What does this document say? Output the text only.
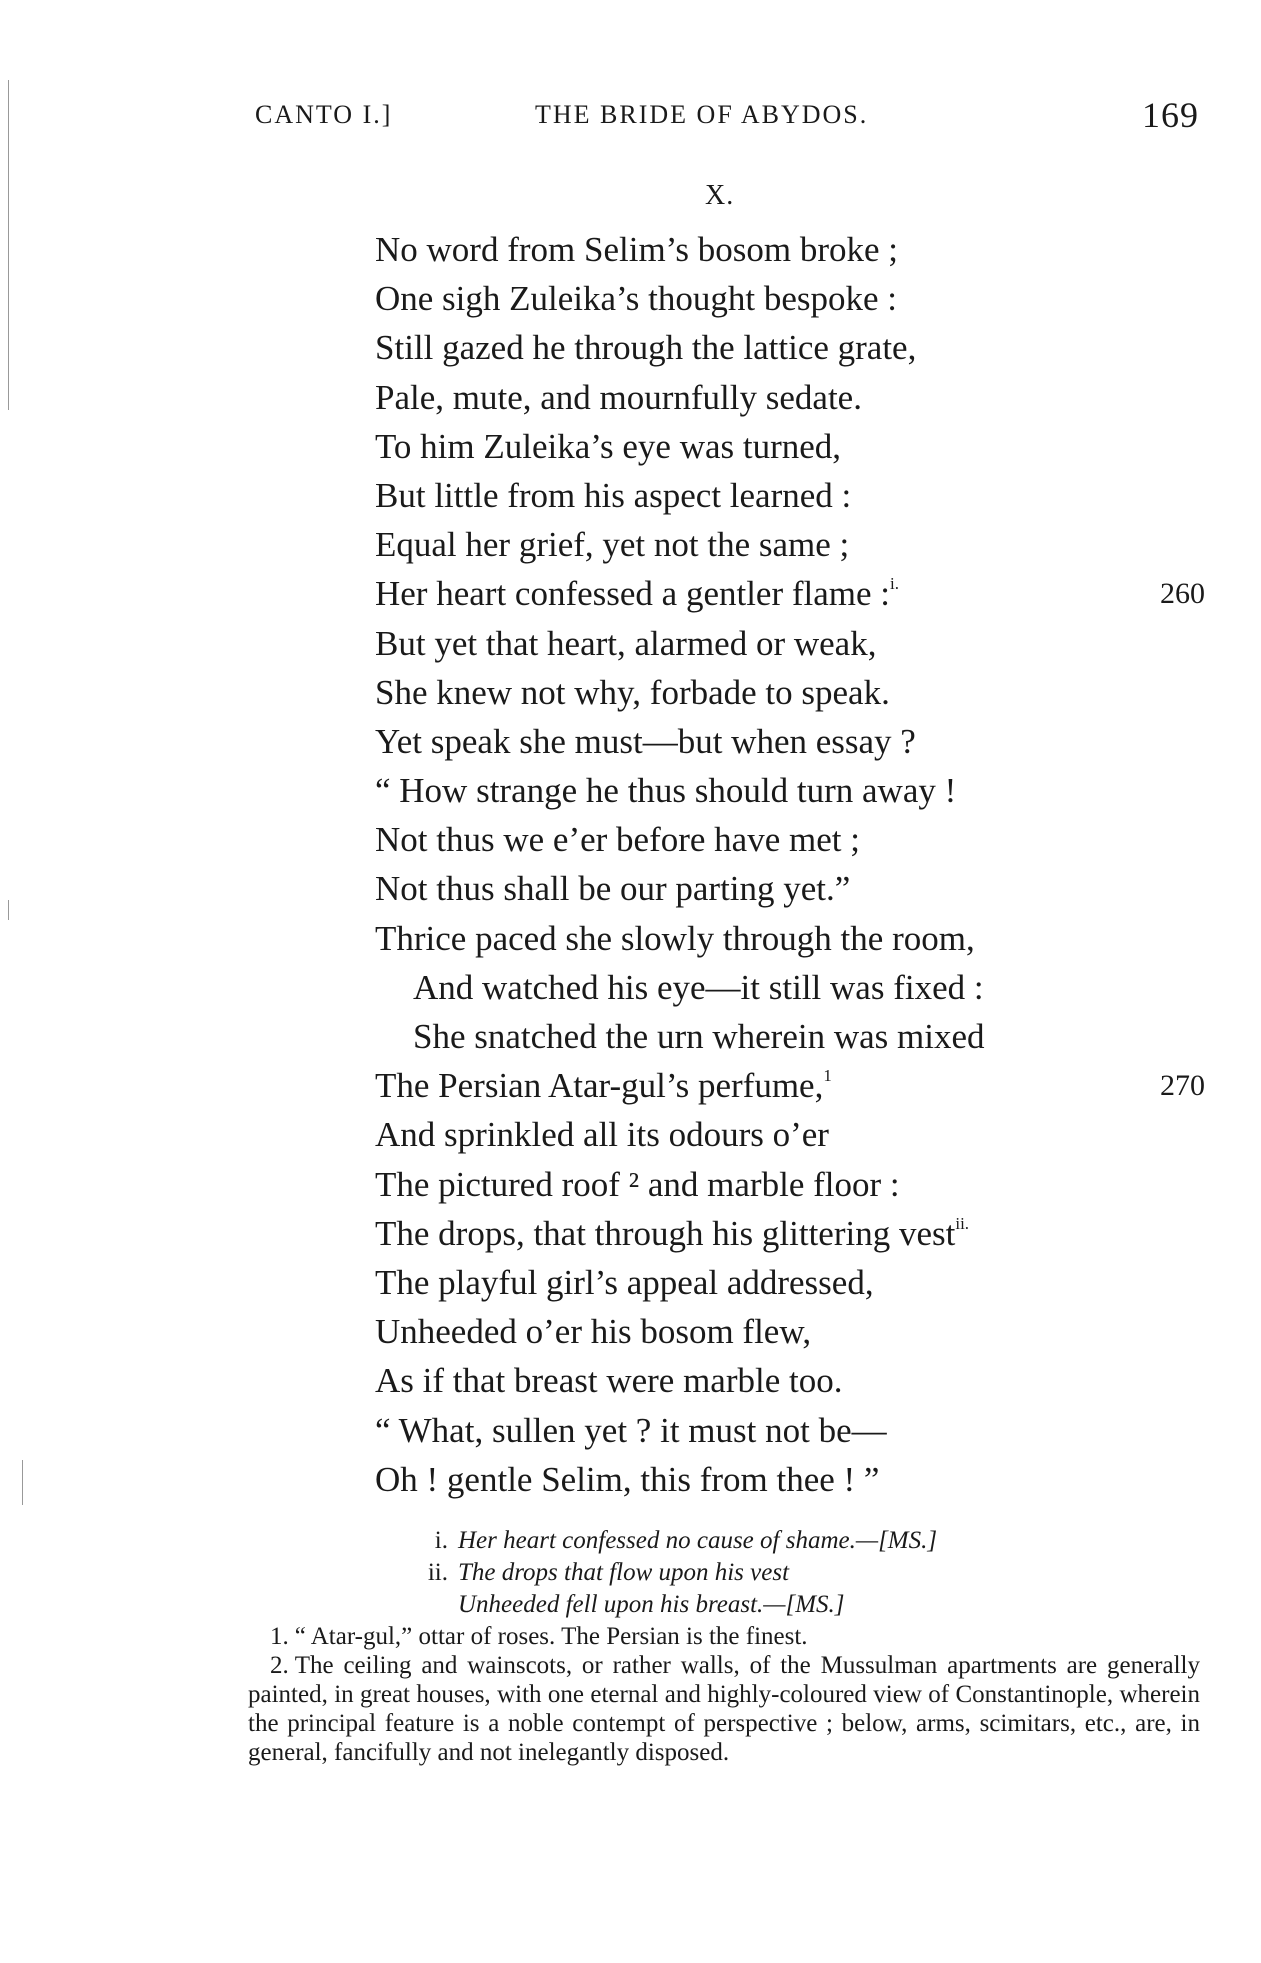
CANTO I.]	THE BRIDE OF ABYDOS.	169
X.
No word from Selim’s bosom broke ;
One sigh Zuleika’s thought bespoke :
Still gazed he through the lattice grate,
Pale, mute, and mournfully sedate.
To him Zuleika’s eye was turned,
But little from his aspect learned :
Equal her grief, yet not the same ;
Her heart confessed a gentler flame :$^{i.}$	260
But yet that heart, alarmed or weak,
She knew not why, forbade to speak.
Yet speak she must—but when essay ?
“ How strange he thus should turn away !
Not thus we e’er before have met ;
Not thus shall be our parting yet.”
Thrice paced she slowly through the room,
And watched his eye—it still was fixed :
She snatched the urn wherein was mixed
The Persian Atar-gul’s perfume,$^1$	270
And sprinkled all its odours o’er
The pictured roof ² and marble floor :
The drops, that through his glittering vest$^{ii.}$
The playful girl’s appeal addressed,
Unheeded o’er his bosom flew,
As if that breast were marble too.
“ What, sullen yet ? it must not be—
Oh ! gentle Selim, this from thee ! ”
i. Her heart confessed no cause of shame.—[MS.]
ii. The drops that flow upon his vest
Unheeded fell upon his breast.—[MS.]
1. “ Atar-gul,” ottar of roses. The Persian is the finest.
2. The ceiling and wainscots, or rather walls, of the Mussulman apartments are generally painted, in great houses, with one eternal and highly-coloured view of Constantinople, wherein the principal feature is a noble contempt of perspective ; below, arms, scimitars, etc., are, in general, fancifully and not inelegantly disposed.
